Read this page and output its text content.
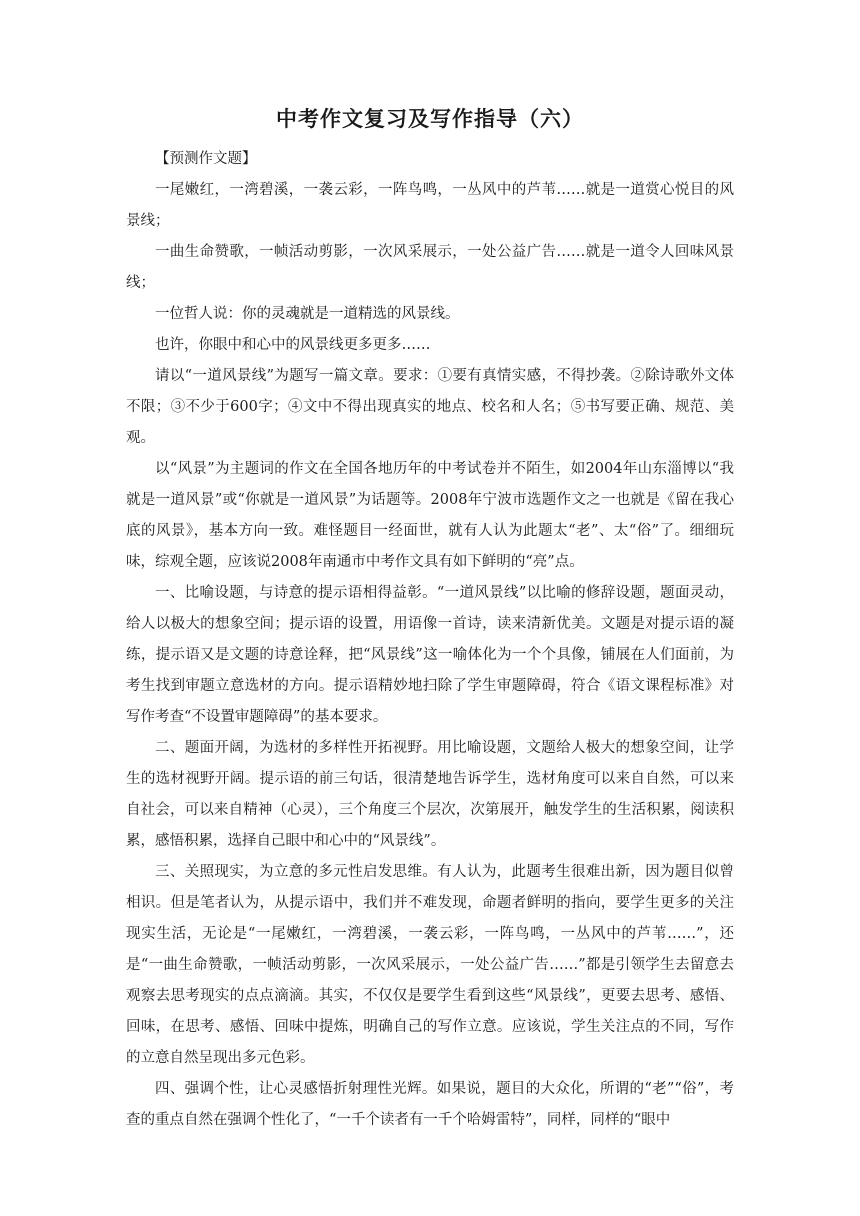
中考作文复习及写作指导（六）

【预测作文题】

一尾嫩红，一湾碧溪，一袭云彩，一阵鸟鸣，一丛风中的芦苇……就是一道赏心悦目的风景线；

一曲生命赞歌，一帧活动剪影，一次风采展示，一处公益广告……就是一道令人回味风景线；

一位哲人说：你的灵魂就是一道精选的风景线。

也许，你眼中和心中的风景线更多更多……

请以“一道风景线”为题写一篇文章。要求：①要有真情实感，不得抄袭。②除诗歌外文体不限；③不少于600字；④文中不得出现真实的地点、校名和人名；⑤书写要正确、规范、美观。

以“风景”为主题词的作文在全国各地历年的中考试卷并不陌生，如2004年山东淄博以“我就是一道风景”或“你就是一道风景”为话题等。2008年宁波市选题作文之一也就是《留在我心底的风景》，基本方向一致。难怪题目一经面世，就有人认为此题太“老”、太“俗”了。细细玩味，综观全题，应该说2008年南通市中考作文具有如下鲜明的“亮”点。

一、比喻设题，与诗意的提示语相得益彰。“一道风景线”以比喻的修辞设题，题面灵动，给人以极大的想象空间；提示语的设置，用语像一首诗，读来清新优美。文题是对提示语的凝练，提示语又是文题的诗意诠释，把“风景线”这一喻体化为一个个具像，铺展在人们面前，为考生找到审题立意选材的方向。提示语精妙地扫除了学生审题障碍，符合《语文课程标准》对写作考查“不设置审题障碍”的基本要求。

二、题面开阔，为选材的多样性开拓视野。用比喻设题，文题给人极大的想象空间，让学生的选材视野开阔。提示语的前三句话，很清楚地告诉学生，选材角度可以来自自然，可以来自社会，可以来自精神（心灵），三个角度三个层次，次第展开，触发学生的生活积累，阅读积累，感悟积累，选择自己眼中和心中的“风景线”。

三、关照现实，为立意的多元性启发思维。有人认为，此题考生很难出新，因为题目似曾相识。但是笔者认为，从提示语中，我们并不难发现，命题者鲜明的指向，要学生更多的关注现实生活，无论是“一尾嫩红，一湾碧溪，一袭云彩，一阵鸟鸣，一丛风中的芦苇……”，还是“一曲生命赞歌，一帧活动剪影，一次风采展示，一处公益广告……”都是引领学生去留意去观察去思考现实的点点滴滴。其实，不仅仅是要学生看到这些“风景线”，更要去思考、感悟、回味，在思考、感悟、回味中提炼，明确自己的写作立意。应该说，学生关注点的不同，写作的立意自然呈现出多元色彩。

四、强调个性，让心灵感悟折射理性光辉。如果说，题目的大众化，所谓的“老”“俗”，考查的重点自然在强调个性化了，“一千个读者有一千个哈姆雷特”，同样，同样的“眼中
